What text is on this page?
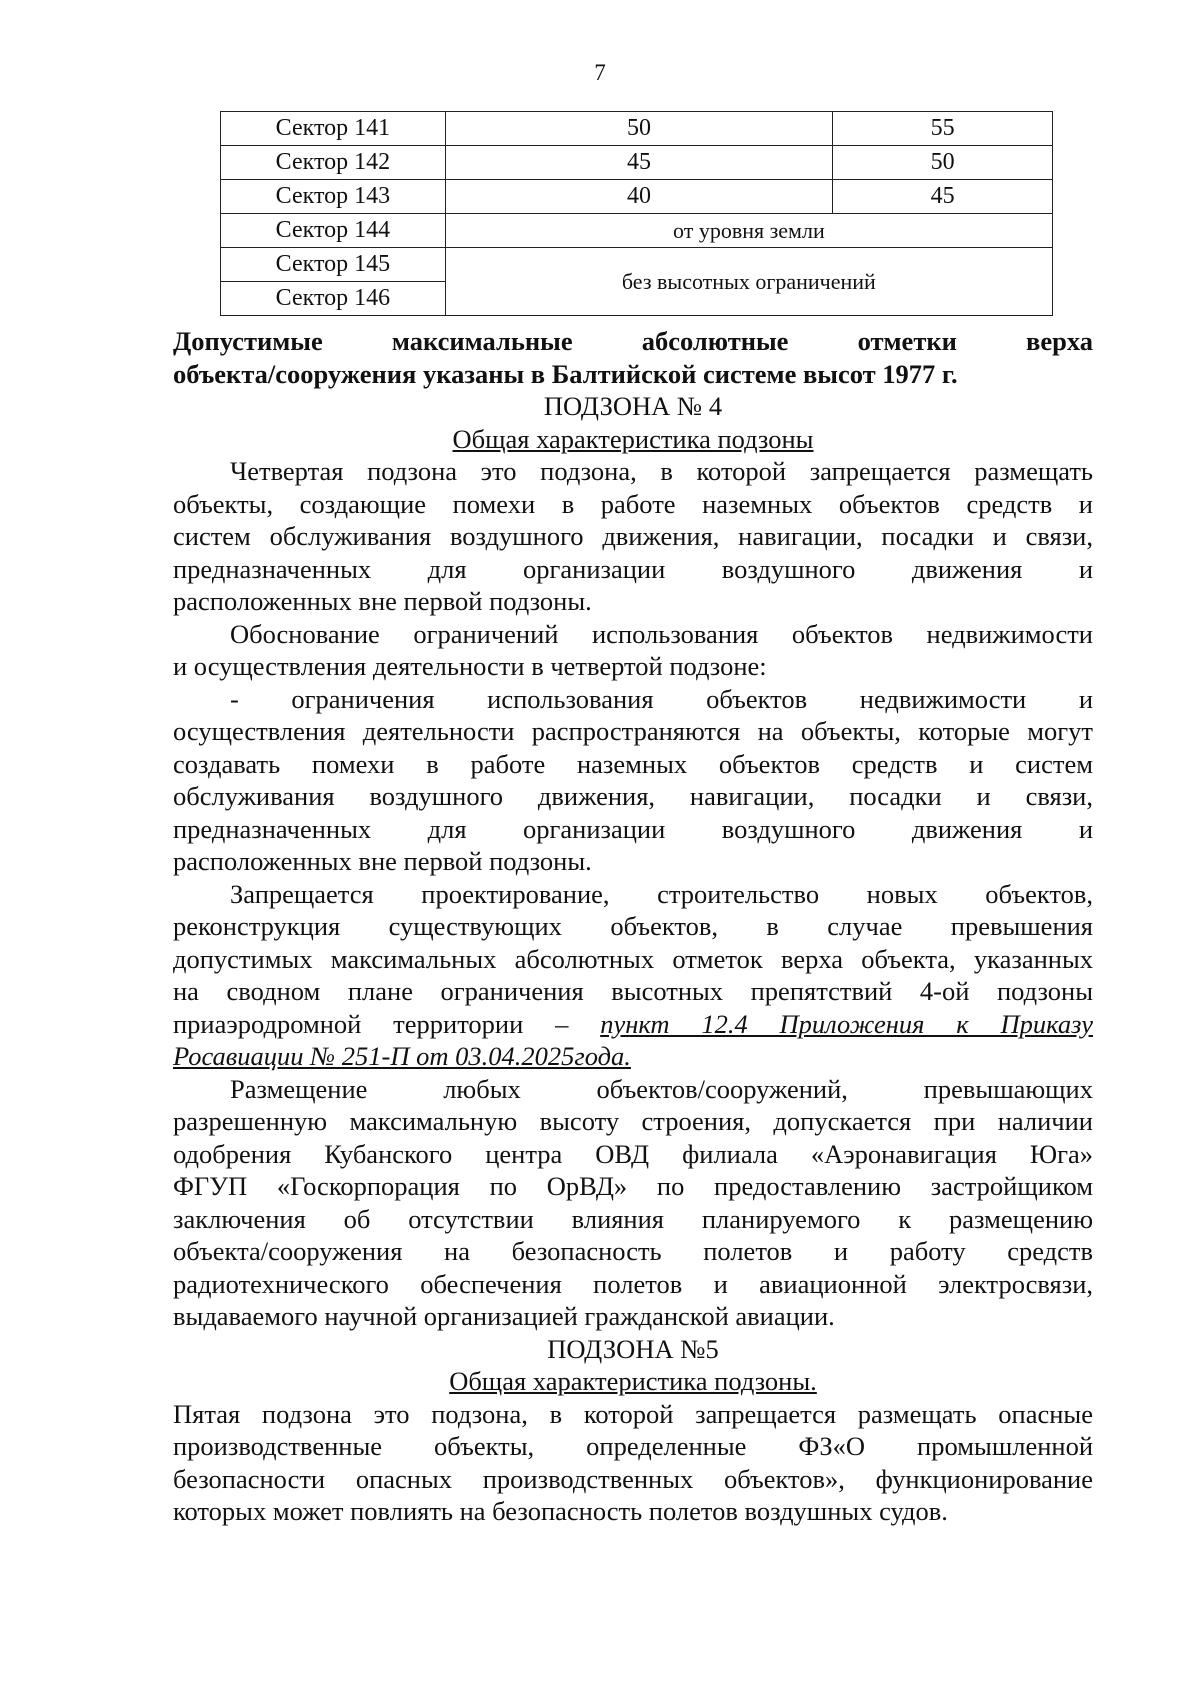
7
Сектор 141	50	55
Сектор 142	45	50
Сектор 143	40	45
Сектор 144	от уровня земли	
Сектор 145	без высотных ограничений	
Сектор 146		

Допустимые максимальные абсолютные отметки верха

объекта/сооружения указаны в Балтийской системе высот 1977 г.

ПОДЗОНА № 4

Общая характеристика подзоны

Четвертая подзона это подзона, в которой запрещается размещать

объекты, создающие помехи в работе наземных объектов средств и

систем обслуживания воздушного движения, навигации, посадки и связи,

предназначенных для организации воздушного движения и

расположенных вне первой подзоны.

Обоснование ограничений использования объектов недвижимости

и осуществления деятельности в четвертой подзоне:

- ограничения использования объектов недвижимости и

осуществления деятельности распространяются на объекты, которые могут

создавать помехи в работе наземных объектов средств и систем

обслуживания воздушного движения, навигации, посадки и связи,

предназначенных для организации воздушного движения и

расположенных вне первой подзоны.

Запрещается проектирование, строительство новых объектов,

реконструкция существующих объектов, в случае превышения

допустимых максимальных абсолютных отметок верха объекта, указанных

на сводном плане ограничения высотных препятствий 4-ой подзоны

приаэродромной территории – пункт 12.4 Приложения к Приказу

Росавиации № 251-П от 03.04.2025года.

Размещение любых объектов/сооружений, превышающих

разрешенную максимальную высоту строения, допускается при наличии

одобрения Кубанского центра ОВД филиала «Аэронавигация Юга»

ФГУП «Госкорпорация по ОрВД» по предоставлению застройщиком

заключения об отсутствии влияния планируемого к размещению

объекта/сооружения на безопасность полетов и работу средств

радиотехнического обеспечения полетов и авиационной электросвязи,

выдаваемого научной организацией гражданской авиации.

ПОДЗОНА №5

Общая характеристика подзоны.

Пятая подзона это подзона, в которой запрещается размещать опасные

производственные объекты, определенные ФЗ«О промышленной

безопасности опасных производственных объектов», функционирование

которых может повлиять на безопасность полетов воздушных судов.
